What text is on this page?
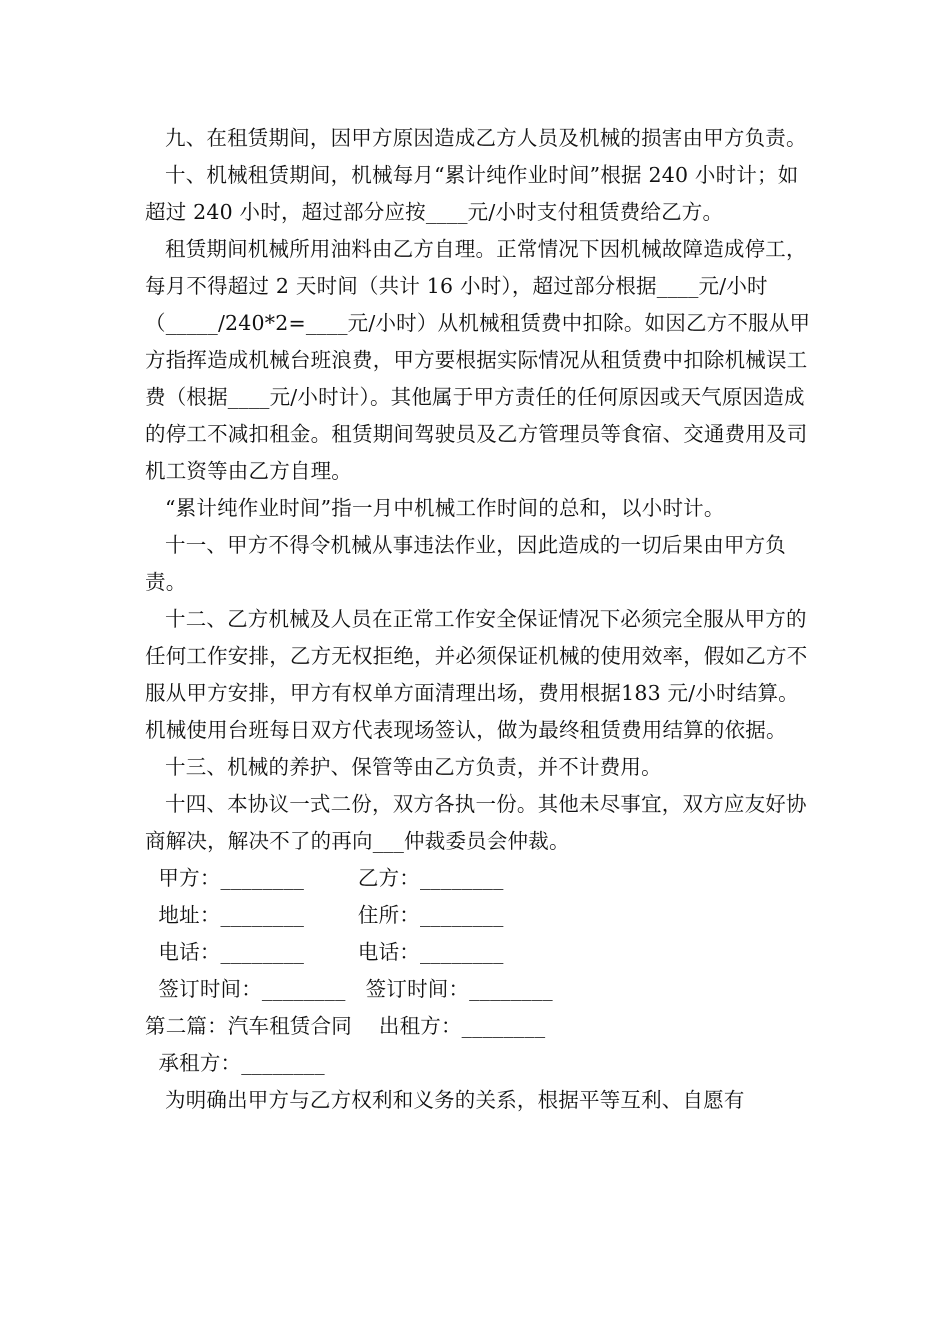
九、在租赁期间，因甲方原因造成乙方人员及机械的损害由甲方负责。

十、机械租赁期间，机械每月“累计纯作业时间”根据 240 小时计；如超过 240 小时，超过部分应按____元/小时支付租赁费给乙方。

租赁期间机械所用油料由乙方自理。正常情况下因机械故障造成停工，每月不得超过 2 天时间（共计 16 小时），超过部分根据____元/小时（_____/240*2=____元/小时）从机械租赁费中扣除。如因乙方不服从甲方指挥造成机械台班浪费，甲方要根据实际情况从租赁费中扣除机械误工费（根据____元/小时计）。其他属于甲方责任的任何原因或天气原因造成的停工不减扣租金。租赁期间驾驶员及乙方管理员等食宿、交通费用及司机工资等由乙方自理。

“累计纯作业时间”指一月中机械工作时间的总和，以小时计。

十一、甲方不得令机械从事违法作业，因此造成的一切后果由甲方负责。

十二、乙方机械及人员在正常工作安全保证情况下必须完全服从甲方的任何工作安排，乙方无权拒绝，并必须保证机械的使用效率，假如乙方不服从甲方安排，甲方有权单方面清理出场，费用根据183 元/小时结算。机械使用台班每日双方代表现场签认，做为最终租赁费用结算的依据。

十三、机械的养护、保管等由乙方负责，并不计费用。

十四、本协议一式二份，双方各执一份。其他未尽事宜，双方应友好协商解决，解决不了的再向___仲裁委员会仲裁。

甲方：________        乙方：________
地址：________        住所：________
电话：________        电话：________
签订时间：________   签订时间：________
第二篇：汽车租赁合同    出租方：________
承租方：________

为明确出甲方与乙方权利和义务的关系，根据平等互利、自愿有
